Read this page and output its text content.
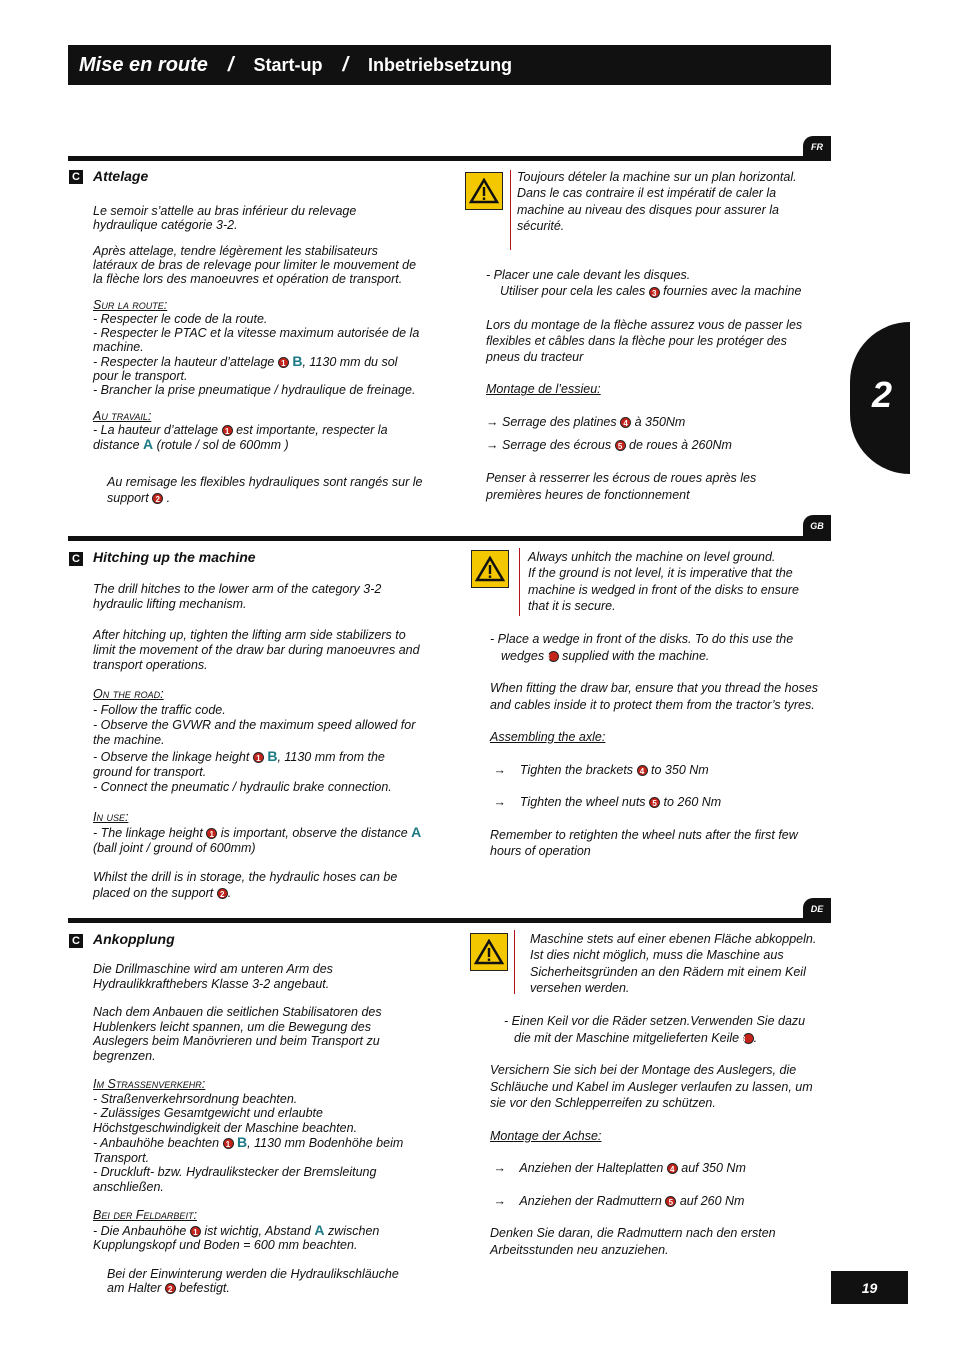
Mise en route / Start-up / Inbetriebsetzung
2
FR
C Attelage

Le semoir s’attelle au bras inférieur du relevage hydraulique catégorie 3-2.

Après attelage, tendre légèrement les stabilisateurs latéraux de bras de relevage pour limiter le mouvement de la flèche lors des manoeuvres et opération de transport.

Sur la route:

- Respecter le code de la route.

- Respecter le PTAC et la vitesse maximum autorisée de la machine.

- Respecter la hauteur d’attelage 1 B, 1130 mm du sol pour le transport.

- Brancher la prise pneumatique / hydraulique de freinage.

Au travail:

- La hauteur d’attelage 1 est importante, respecter la distance A (rotule / sol de 600mm )

Au remisage les flexibles hydrauliques sont rangés sur le support 2 .

Toujours dételer la machine sur un plan horizontal.
Dans le cas contraire il est impératif de caler la machine au niveau des disques pour assurer la sécurité.

- Placer une cale devant les disques.

Utiliser pour cela les cales 3 fournies avec la machine

Lors du montage de la flèche assurez vous de passer les flexibles et câbles dans la flèche pour les protéger des pneus du tracteur

Montage de l’essieu:

→ Serrage des platines 4 à 350Nm

→ Serrage des écrous 5 de roues à 260Nm

Penser à resserrer les écrous de roues après les premières heures de fonctionnement

GB
C Hitching up the machine

The drill hitches to the lower arm of the category 3-2 hydraulic lifting mechanism.

After hitching up, tighten the lifting arm side stabilizers to limit the movement of the draw bar during manoeuvres and transport operations.

On the road:

- Follow the traffic code.

- Observe the GVWR and the maximum speed allowed for the machine.

- Observe the linkage height 1 B, 1130 mm from the ground for transport.

- Connect the pneumatic / hydraulic brake connection.

In use:

- The linkage height 1 is important, observe the distance A (ball joint / ground of 600mm)

Whilst the drill is in storage, the hydraulic hoses can be placed on the support 2 .

Always unhitch the machine on level ground.
If the ground is not level, it is imperative that the machine is wedged in front of the disks to ensure that it is secure.

- Place a wedge in front of the disks. To do this use the wedges 3 supplied with the machine.

When fitting the draw bar, ensure that you thread the hoses and cables inside it to protect them from the tractor’s tyres.

Assembling the axle:

→ Tighten the brackets 4 to 350 Nm

→ Tighten the wheel nuts 5 to 260 Nm

Remember to retighten the wheel nuts after the first few hours of operation

DE
C Ankopplung

Die Drillmaschine wird am unteren Arm des Hydraulikkrafthebers Klasse 3-2 angebaut.

Nach dem Anbauen die seitlichen Stabilisatoren des Hublenkers leicht spannen, um die Bewegung des Auslegers beim Manövrieren und beim Transport zu begrenzen.

Im Strassenverkehr:

- Straßenverkehrsordnung beachten.

- Zulässiges Gesamtgewicht und erlaubte Höchstgeschwindigkeit der Maschine beachten.

- Anbauhöhe beachten 1 B, 1130 mm Bodenhöhe beim Transport.

- Druckluft- bzw. Hydraulikstecker der Bremsleitung anschließen.

Bei der Feldarbeit:

- Die Anbauhöhe 1 ist wichtig, Abstand A zwischen Kupplungskopf und Boden = 600 mm beachten.

Bei der Einwinterung werden die Hydraulikschläuche am Halter 2 befestigt.

Maschine stets auf einer ebenen Fläche abkoppeln. Ist dies nicht möglich, muss die Maschine aus Sicherheitsgründen an den Rädern mit einem Keil versehen werden.

- Einen Keil vor die Räder setzen.Verwenden Sie dazu die mit der Maschine mitgelieferten Keile 3 .

Versichern Sie sich bei der Montage des Auslegers, die Schläuche und Kabel im Ausleger verlaufen zu lassen, um sie vor den Schlepperreifen zu schützen.

Montage der Achse:

→ Anziehen der Halteplatten 4 auf 350 Nm

→ Anziehen der Radmuttern 5 auf 260 Nm

Denken Sie daran, die Radmuttern nach den ersten Arbeitsstunden neu anzuziehen.

19
